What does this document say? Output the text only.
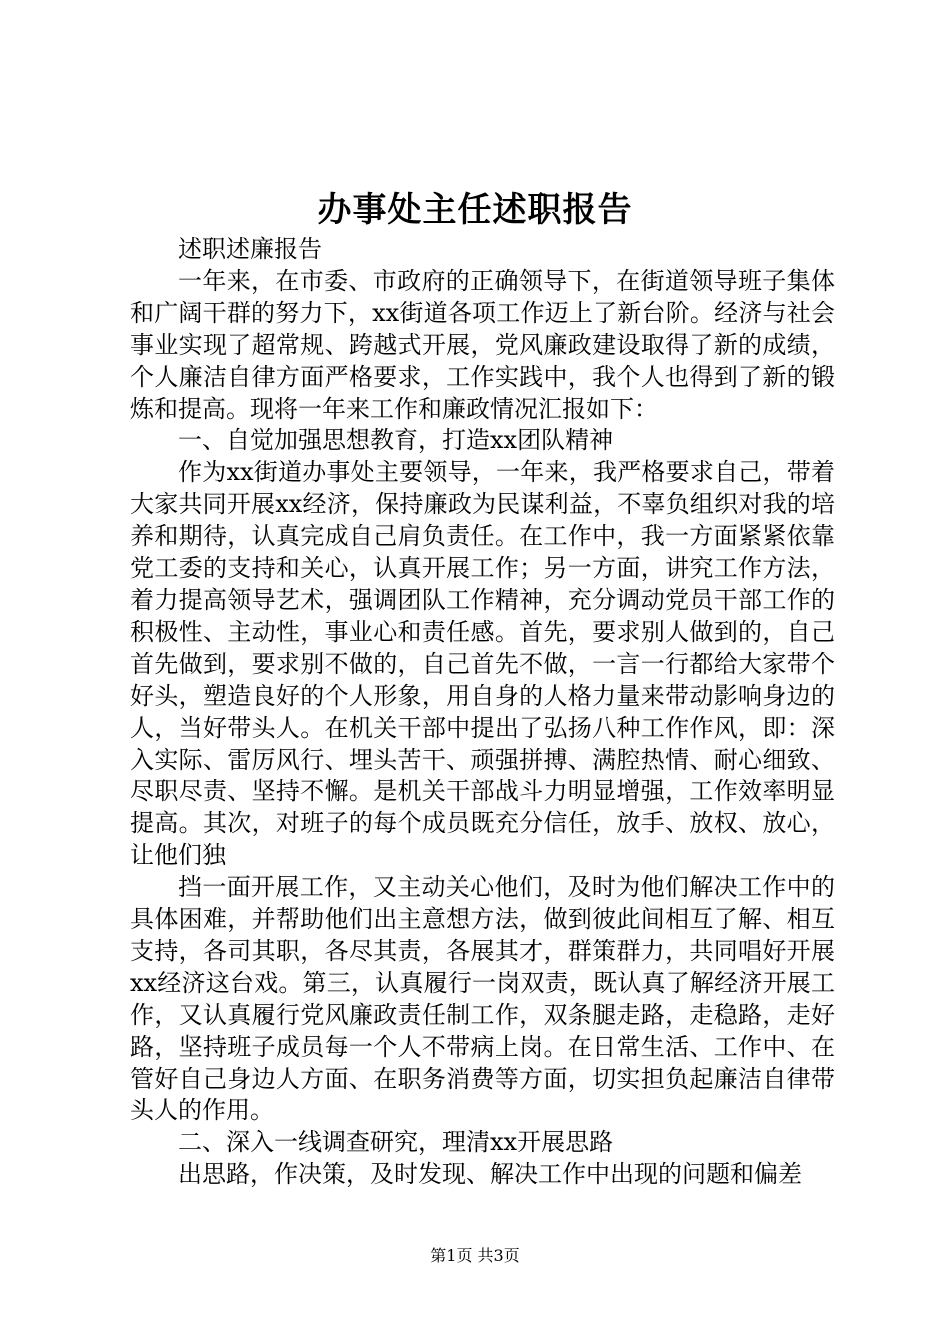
办事处主任述职报告

述职述廉报告

一年来，在市委、市政府的正确领导下，在街道领导班子集体和广阔干群的努力下，xx街道各项工作迈上了新台阶。经济与社会事业实现了超常规、跨越式开展，党风廉政建设取得了新的成绩，个人廉洁自律方面严格要求，工作实践中，我个人也得到了新的锻炼和提高。现将一年来工作和廉政情况汇报如下：

一、自觉加强思想教育，打造xx团队精神

作为xx街道办事处主要领导，一年来，我严格要求自己，带着大家共同开展xx经济，保持廉政为民谋利益，不辜负组织对我的培养和期待，认真完成自己肩负责任。在工作中，我一方面紧紧依靠党工委的支持和关心，认真开展工作；另一方面，讲究工作方法，着力提高领导艺术，强调团队工作精神，充分调动党员干部工作的积极性、主动性，事业心和责任感。首先，要求别人做到的，自己首先做到，要求别不做的，自己首先不做，一言一行都给大家带个好头，塑造良好的个人形象，用自身的人格力量来带动影响身边的人，当好带头人。在机关干部中提出了弘扬八种工作作风，即：深入实际、雷厉风行、埋头苦干、顽强拼搏、满腔热情、耐心细致、尽职尽责、坚持不懈。是机关干部战斗力明显增强，工作效率明显提高。其次，对班子的每个成员既充分信任，放手、放权、放心，让他们独

挡一面开展工作，又主动关心他们，及时为他们解决工作中的具体困难，并帮助他们出主意想方法，做到彼此间相互了解、相互支持，各司其职，各尽其责，各展其才，群策群力，共同唱好开展xx经济这台戏。第三，认真履行一岗双责，既认真了解经济开展工作，又认真履行党风廉政责任制工作，双条腿走路，走稳路，走好路，坚持班子成员每一个人不带病上岗。在日常生活、工作中、在管好自己身边人方面、在职务消费等方面，切实担负起廉洁自律带头人的作用。

二、深入一线调查研究，理清xx开展思路

出思路，作决策，及时发现、解决工作中出现的问题和偏差

第1页 共3页
